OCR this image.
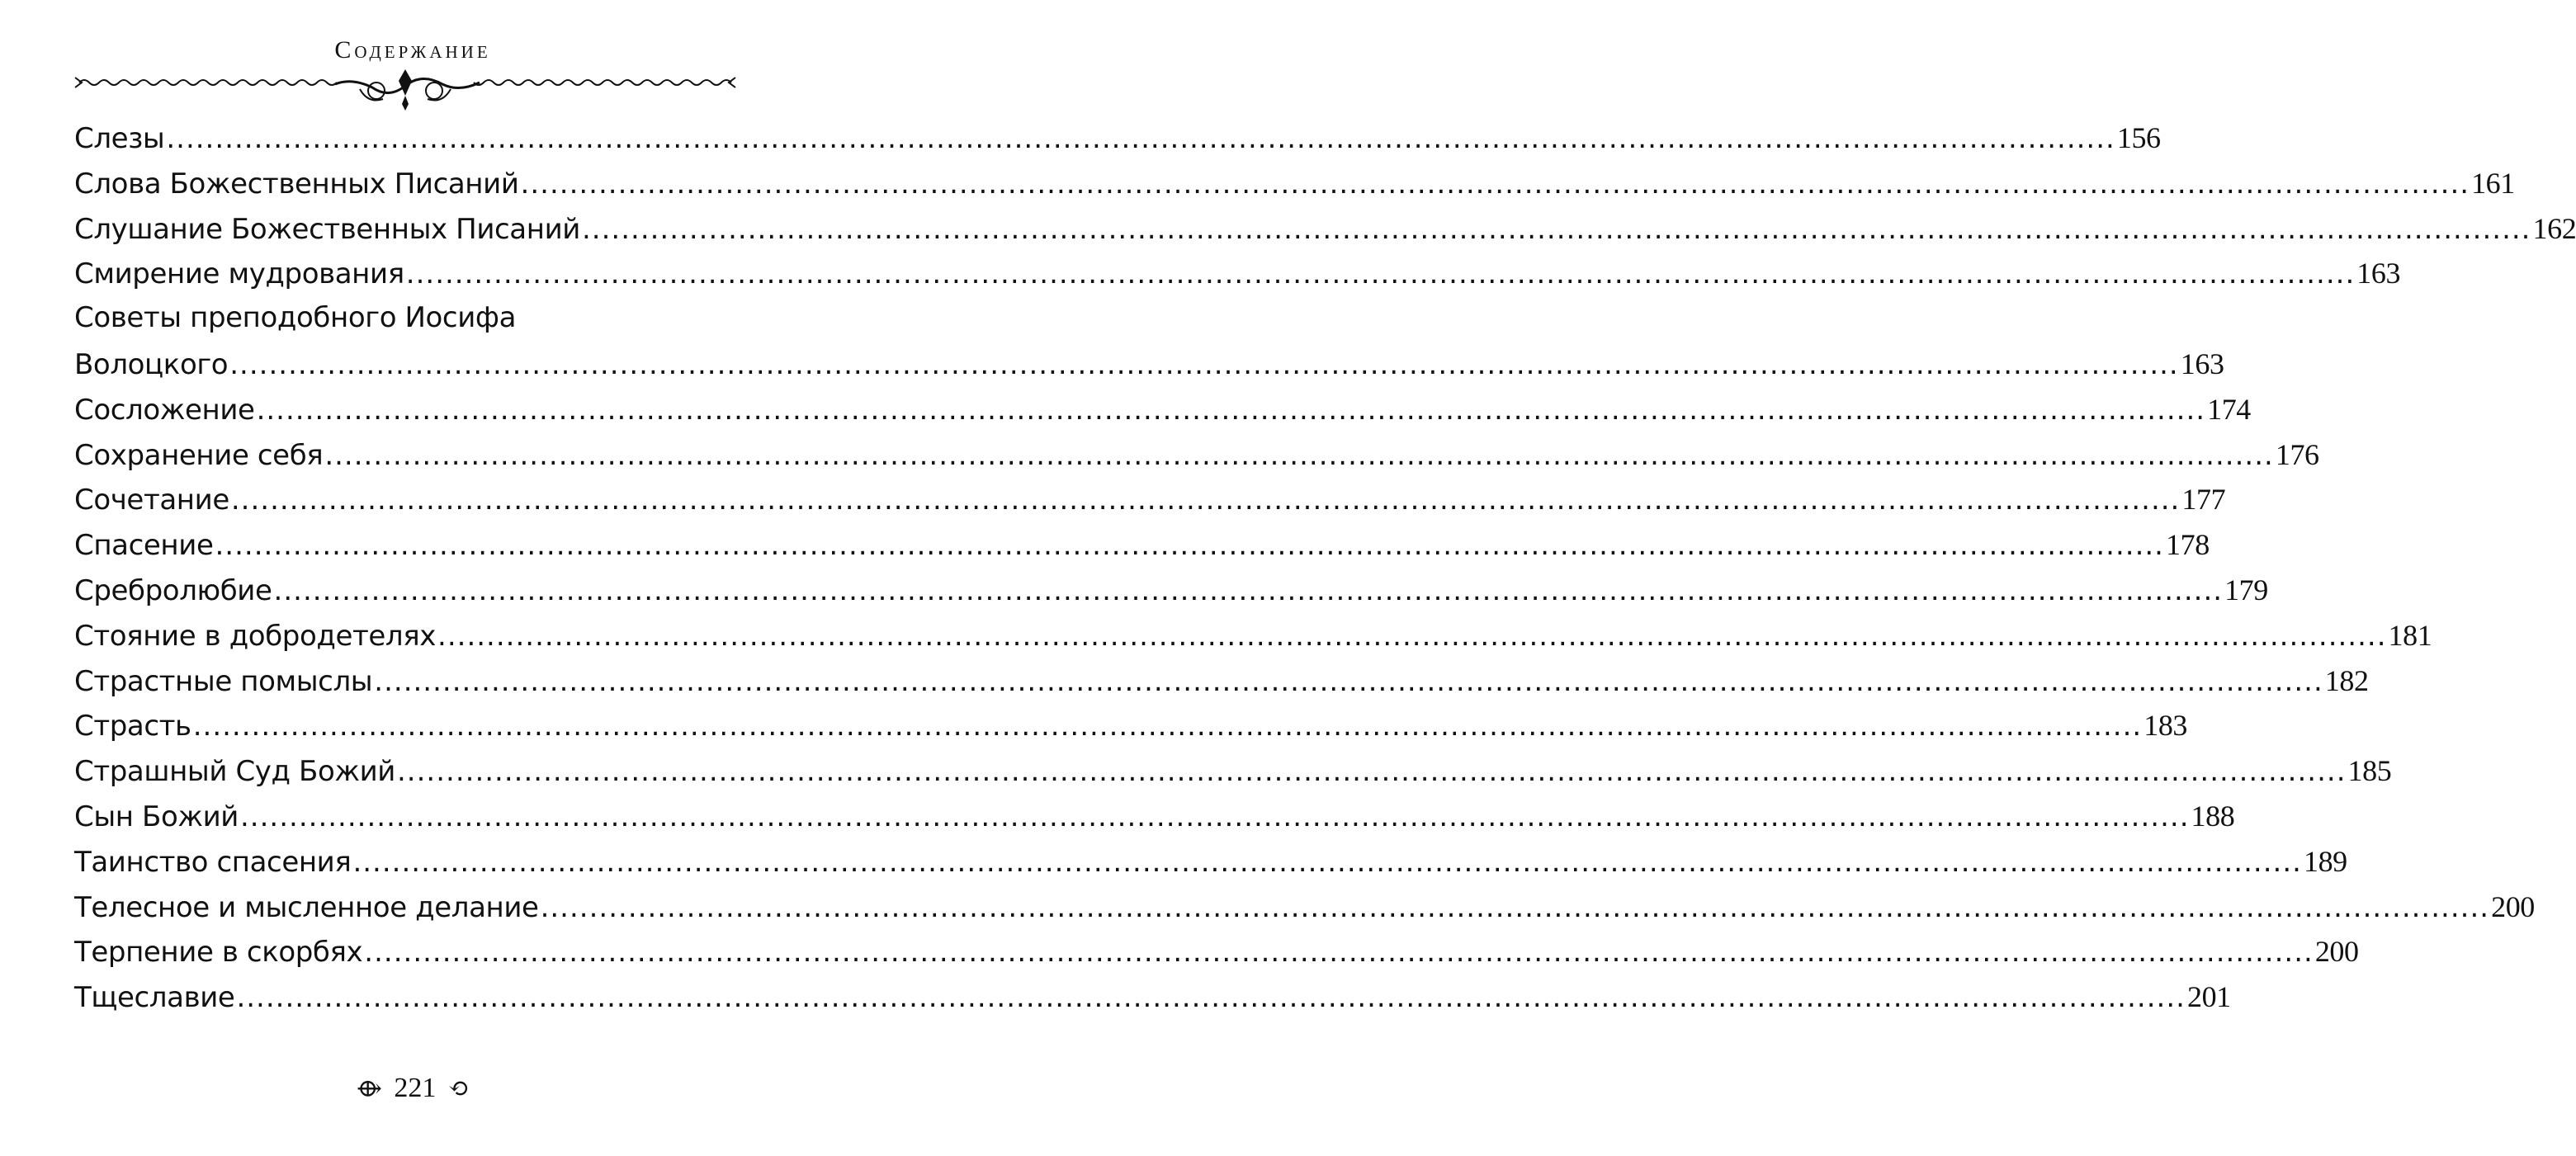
Содержание
Слезы ........................................................................................................................................................................................................ 156
Слова Божественных Писаний ........................................................................................................................................................................................................ 161
Слушание Божественных Писаний ........................................................................................................................................................................................................ 162
Смирение мудрования ........................................................................................................................................................................................................ 163
Советы преподобного Иосифа
Волоцкого ........................................................................................................................................................................................................ 163
Сосложение ........................................................................................................................................................................................................ 174
Сохранение себя ........................................................................................................................................................................................................ 176
Сочетание ........................................................................................................................................................................................................ 177
Спасение ........................................................................................................................................................................................................ 178
Сребролюбие ........................................................................................................................................................................................................ 179
Стояние в добродетелях ........................................................................................................................................................................................................ 181
Страстные помыслы ........................................................................................................................................................................................................ 182
Страсть ........................................................................................................................................................................................................ 183
Страшный Суд Божий ........................................................................................................................................................................................................ 185
Сын Божий ........................................................................................................................................................................................................ 188
Таинство спасения ........................................................................................................................................................................................................ 189
Телесное и мысленное делание ........................................................................................................................................................................................................ 200
Терпение в скорбях ........................................................................................................................................................................................................ 200
Тщеславие ........................................................................................................................................................................................................ 201
⟴ 221 ⟲
